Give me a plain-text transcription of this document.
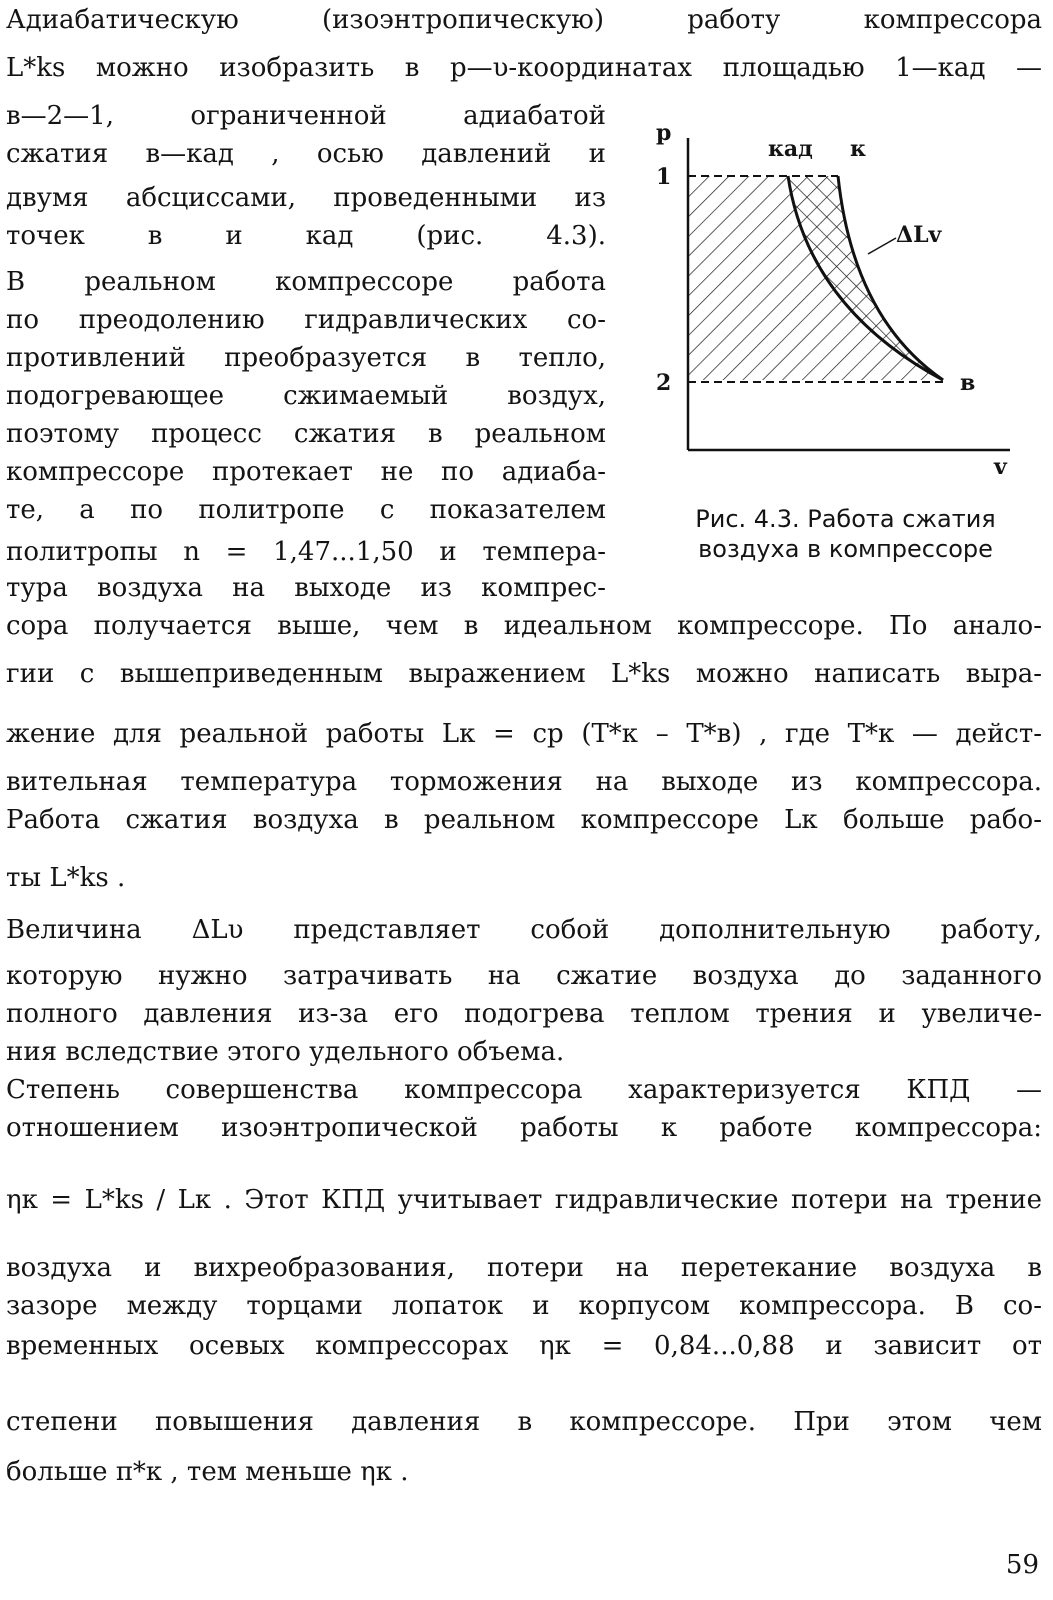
Адиабатическую (изоэнтропическую) работу компрессора
L*ks можно изобразить в p—υ-координатах площадью 1—кад —
в—2—1, ограниченной адиабатой
сжатия в—кад , осью давлений и
двумя абсциссами, проведенными из
точек в и кад (рис. 4.3).
В реальном компрессоре работа
по преодолению гидравлических со-
противлений преобразуется в тепло,
подогревающее сжимаемый воздух,
поэтому процесс сжатия в реальном
компрессоре протекает не по адиаба-
те, а по политропе с показателем
политропы n = 1,47...1,50 и темпера-
тура воздуха на выходе из компрес-
сора получается выше, чем в идеальном компрессоре. По анало-
гии с вышеприведенным выражением L*ks можно написать выра-
жение для реальной работы Lк = cp (T*к – T*в) , где T*к — дейст-
вительная температура торможения на выходе из компрессора.
Работа сжатия воздуха в реальном компрессоре Lк больше рабо-
ты L*ks .
Величина ΔLυ представляет собой дополнительную работу,
которую нужно затрачивать на сжатие воздуха до заданного
полного давления из-за его подогрева теплом трения и увеличе-
ния вследствие этого удельного объема.
Степень совершенства компрессора характеризуется КПД —
отношением изоэнтропической работы к работе компрессора:
ηк = L*ks / Lк . Этот КПД учитывает гидравлические потери на трение
воздуха и вихреобразования, потери на перетекание воздуха в
зазоре между торцами лопаток и корпусом компрессора. В со-
временных осевых компрессорах ηк = 0,84...0,88 и зависит от
степени повышения давления в компрессоре. При этом чем
больше π*к , тем меньше ηк .
р
1
2
кад к
в
ΔLv
v
Рис. 4.3. Работа сжатия
воздуха в компрессоре
59
